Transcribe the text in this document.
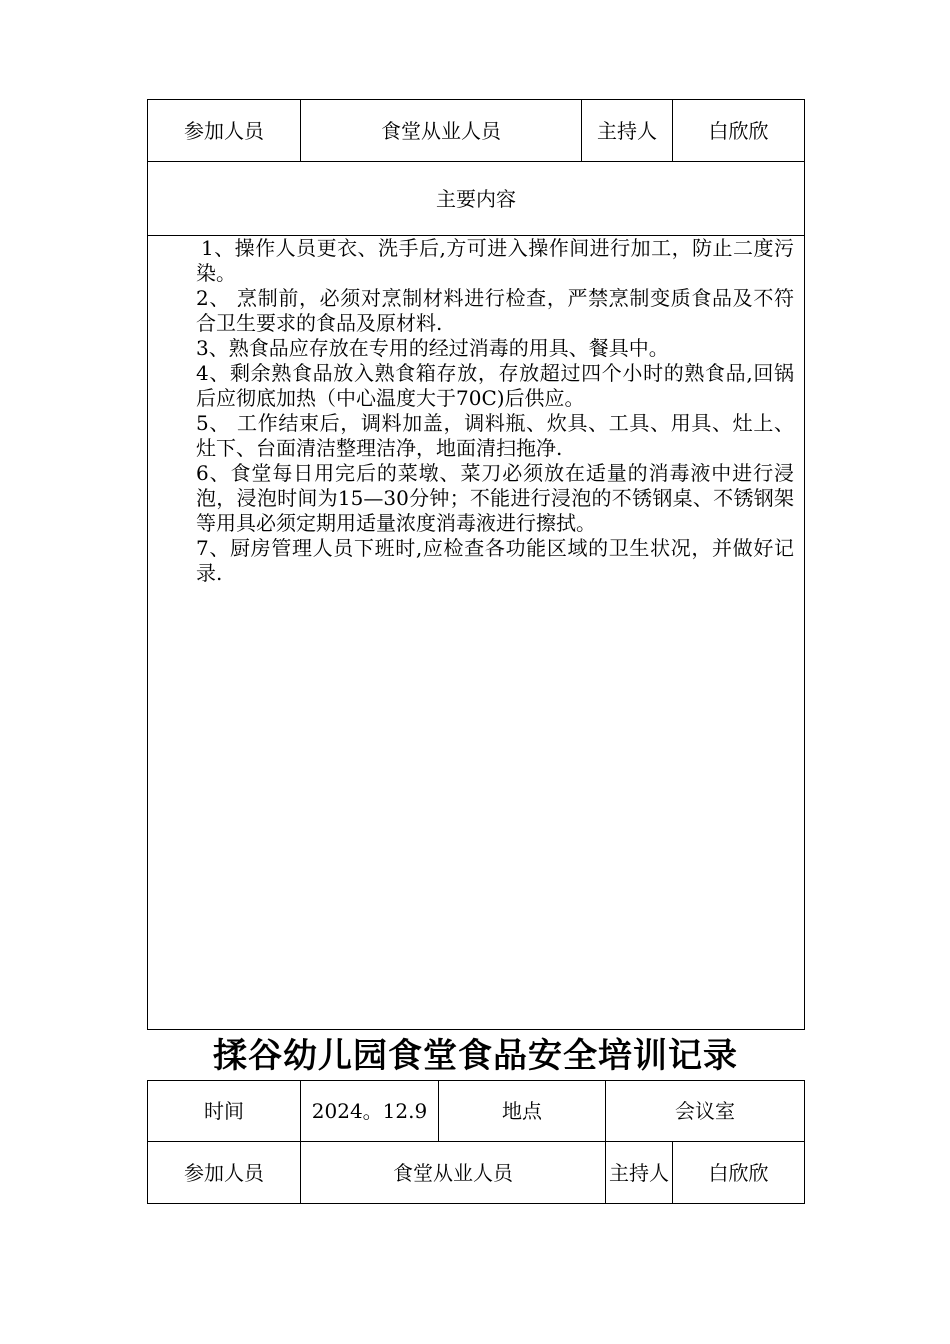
参加人员	食堂从业人员	主持人	白欣欣
主要内容

1、操作人员更衣、洗手后,方可进入操作间进行加工，防止二度污染。

2、 烹制前，必须对烹制材料进行检查，严禁烹制变质食品及不符合卫生要求的食品及原材料.

3、熟食品应存放在专用的经过消毒的用具、餐具中。

4、剩余熟食品放入熟食箱存放，存放超过四个小时的熟食品,回锅后应彻底加热（中心温度大于70C)后供应。

5、 工作结束后，调料加盖，调料瓶、炊具、工具、用具、灶上、灶下、台面清洁整理洁净，地面清扫拖净.

6、食堂每日用完后的菜墩、菜刀必须放在适量的消毒液中进行浸泡，浸泡时间为15—30分钟；不能进行浸泡的不锈钢桌、不锈钢架等用具必须定期用适量浓度消毒液进行擦拭。

7、厨房管理人员下班时,应检查各功能区域的卫生状况，并做好记录.

揉谷幼儿园食堂食品安全培训记录
时间	2024。12.9	地点	会议室	
参加人员	食堂从业人员		主持人	白欣欣
